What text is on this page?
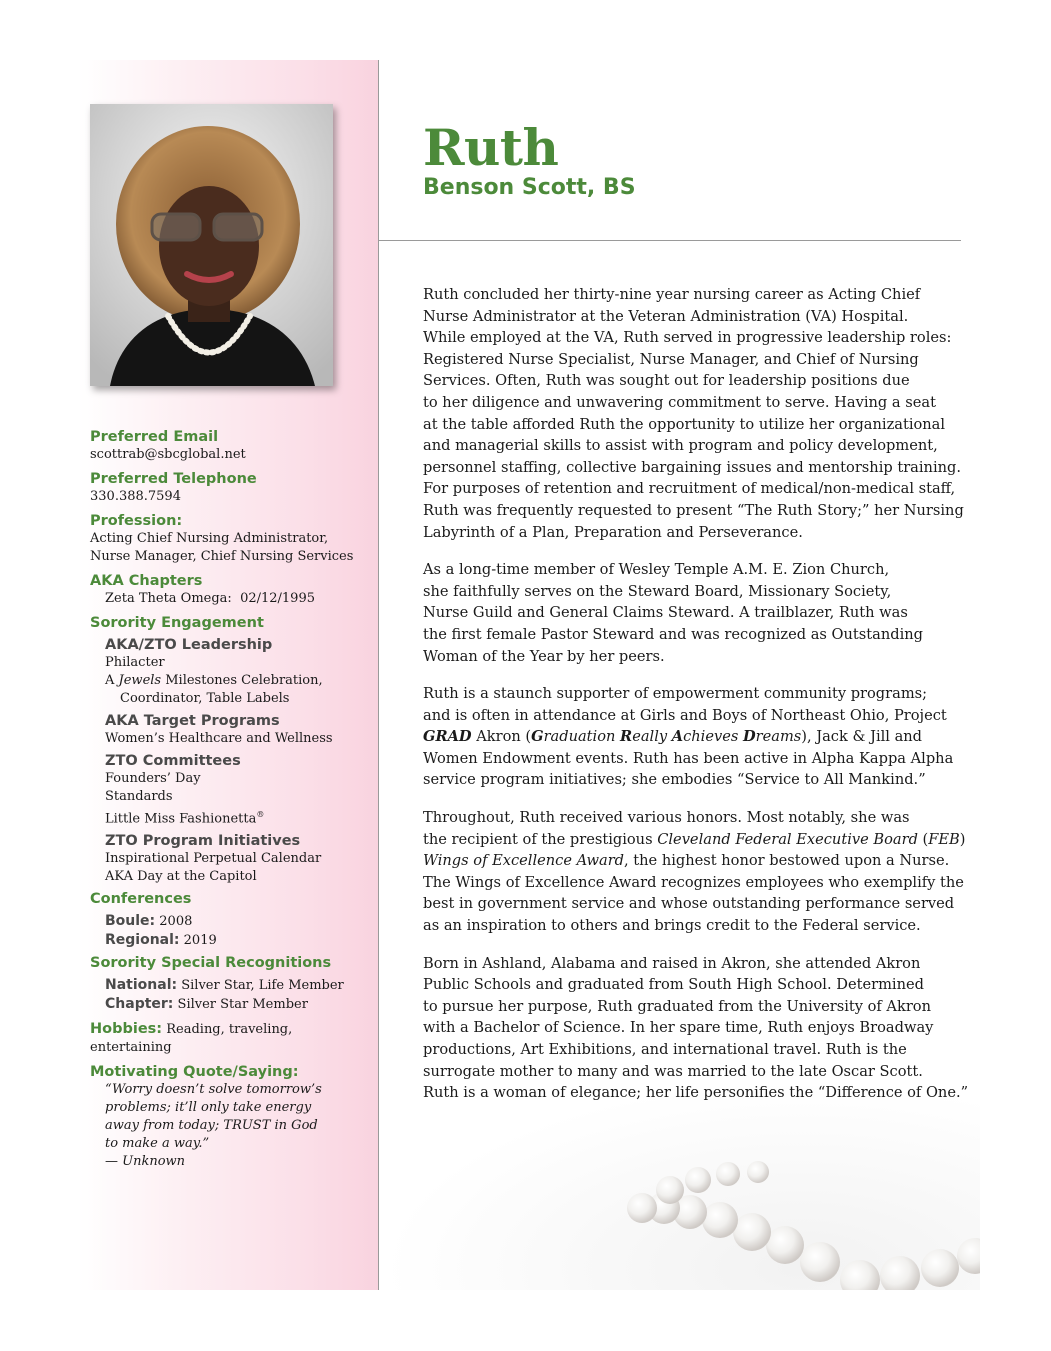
Ruth
Benson Scott, BS
Preferred Email
scottrab@sbcglobal.net
Preferred Telephone
330.388.7594
Profession:
Acting Chief Nursing Administrator,
Nurse Manager, Chief Nursing Services
AKA Chapters
Zeta Theta Omega:  02/12/1995
Sorority Engagement
AKA/ZTO Leadership
Philacter
A Jewels Milestones Celebration,
Coordinator, Table Labels
AKA Target Programs
Women’s Healthcare and Wellness
ZTO Committees
Founders’ Day
Standards
Little Miss Fashionetta®
ZTO Program Initiatives
Inspirational Perpetual Calendar
AKA Day at the Capitol
Conferences
Boule: 2008
Regional: 2019
Sorority Special Recognitions
National: Silver Star, Life Member
Chapter: Silver Star Member
Hobbies: Reading, traveling,
entertaining
Motivating Quote/Saying:
“Worry doesn’t solve tomorrow’s
problems; it’ll only take energy
away from today; TRUST in God
to make a way.”
— Unknown

Ruth concluded her thirty-nine year nursing career as Acting Chief
Nurse Administrator at the Veteran Administration (VA) Hospital.
While employed at the VA, Ruth served in progressive leadership roles:
Registered Nurse Specialist, Nurse Manager, and Chief of Nursing
Services. Often, Ruth was sought out for leadership positions due
to her diligence and unwavering commitment to serve. Having a seat
at the table afforded Ruth the opportunity to utilize her organizational
and managerial skills to assist with program and policy development,
personnel staffing, collective bargaining issues and mentorship training.
For purposes of retention and recruitment of medical/non-medical staff,
Ruth was frequently requested to present “The Ruth Story;” her Nursing
Labyrinth of a Plan, Preparation and Perseverance.

As a long-time member of Wesley Temple A.M. E. Zion Church,
she faithfully serves on the Steward Board, Missionary Society,
Nurse Guild and General Claims Steward. A trailblazer, Ruth was
the first female Pastor Steward and was recognized as Outstanding
Woman of the Year by her peers.

Ruth is a staunch supporter of empowerment community programs;
and is often in attendance at Girls and Boys of Northeast Ohio, Project
GRAD Akron (Graduation Really Achieves Dreams), Jack & Jill and
Women Endowment events. Ruth has been active in Alpha Kappa Alpha
service program initiatives; she embodies “Service to All Mankind.”

Throughout, Ruth received various honors. Most notably, she was
the recipient of the prestigious Cleveland Federal Executive Board (FEB)
Wings of Excellence Award, the highest honor bestowed upon a Nurse.
The Wings of Excellence Award recognizes employees who exemplify the
best in government service and whose outstanding performance served
as an inspiration to others and brings credit to the Federal service.

Born in Ashland, Alabama and raised in Akron, she attended Akron
Public Schools and graduated from South High School. Determined
to pursue her purpose, Ruth graduated from the University of Akron
with a Bachelor of Science. In her spare time, Ruth enjoys Broadway
productions, Art Exhibitions, and international travel. Ruth is the
surrogate mother to many and was married to the late Oscar Scott.
Ruth is a woman of elegance; her life personifies the “Difference of One.”
